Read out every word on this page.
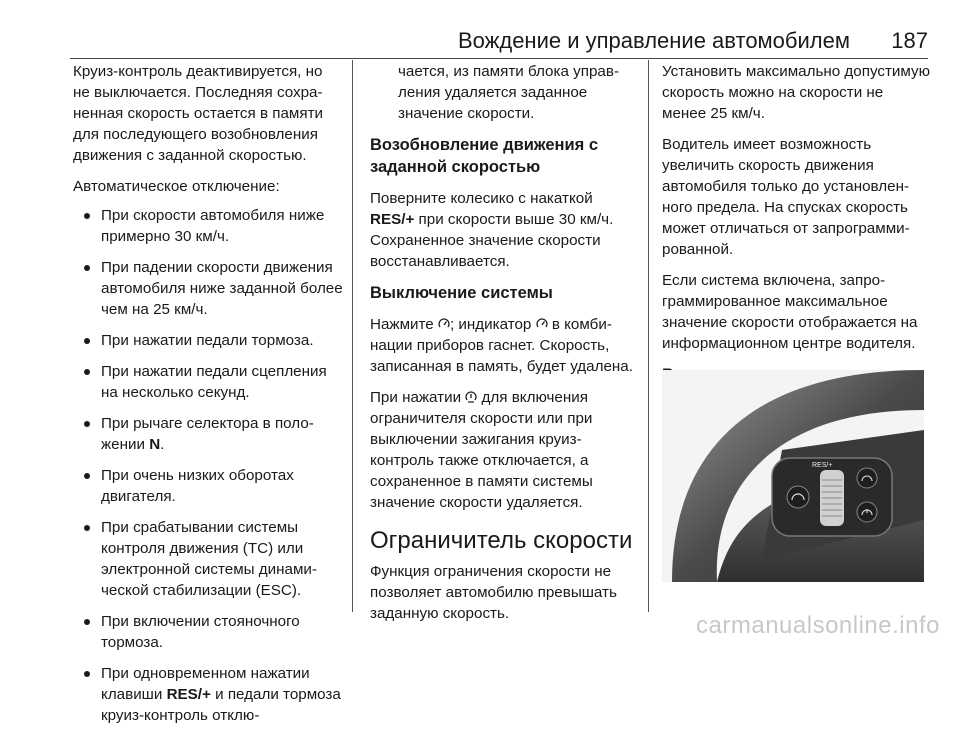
Вождение и управление автомобилем 187

Круиз-контроль деактивируется, но не выключается. Последняя сохраненная скорость остается в памяти для последующего возобновления движения с заданной скоростью.

Автоматическое отключение:

При скорости автомобиля ниже примерно 30 км/ч.
При падении скорости движения автомобиля ниже заданной более чем на 25 км/ч.
При нажатии педали тормоза.
При нажатии педали сцепления на несколько секунд.
При рычаге селектора в положении N.
При очень низких оборотах двигателя.
При срабатывании системы контроля движения (TC) или электронной системы динамической стабилизации (ESC).
При включении стояночного тормоза.
При одновременном нажатии клавиши RES/+ и педали тормоза круиз-контроль отклю-

чается, из памяти блока управления удаляется заданное значение скорости.

Возобновление движения с заданной скоростью

Поверните колесико с накаткой RES/+ при скорости выше 30 км/ч. Сохраненное значение скорости восстанавливается.

Выключение системы

Нажмите ; индикатор  в комбинации приборов гаснет. Скорость, записанная в память, будет удалена.

При нажатии  для включения ограничителя скорости или при выключении зажигания круиз-контроль также отключается, а сохраненное в памяти системы значение скорости удаляется.

Ограничитель скорости

Функция ограничения скорости не позволяет автомобилю превышать заданную скорость.

Установить максимально допустимую скорость можно на скорости не менее 25 км/ч.

Водитель имеет возможность увеличить скорость движения автомобиля только до установленного предела. На спусках скорость может отличаться от запрограммированной.

Если система включена, запрограммированное максимальное значение скорости отображается на информационном центре водителя.

RES/+
carmanualsonline.info
